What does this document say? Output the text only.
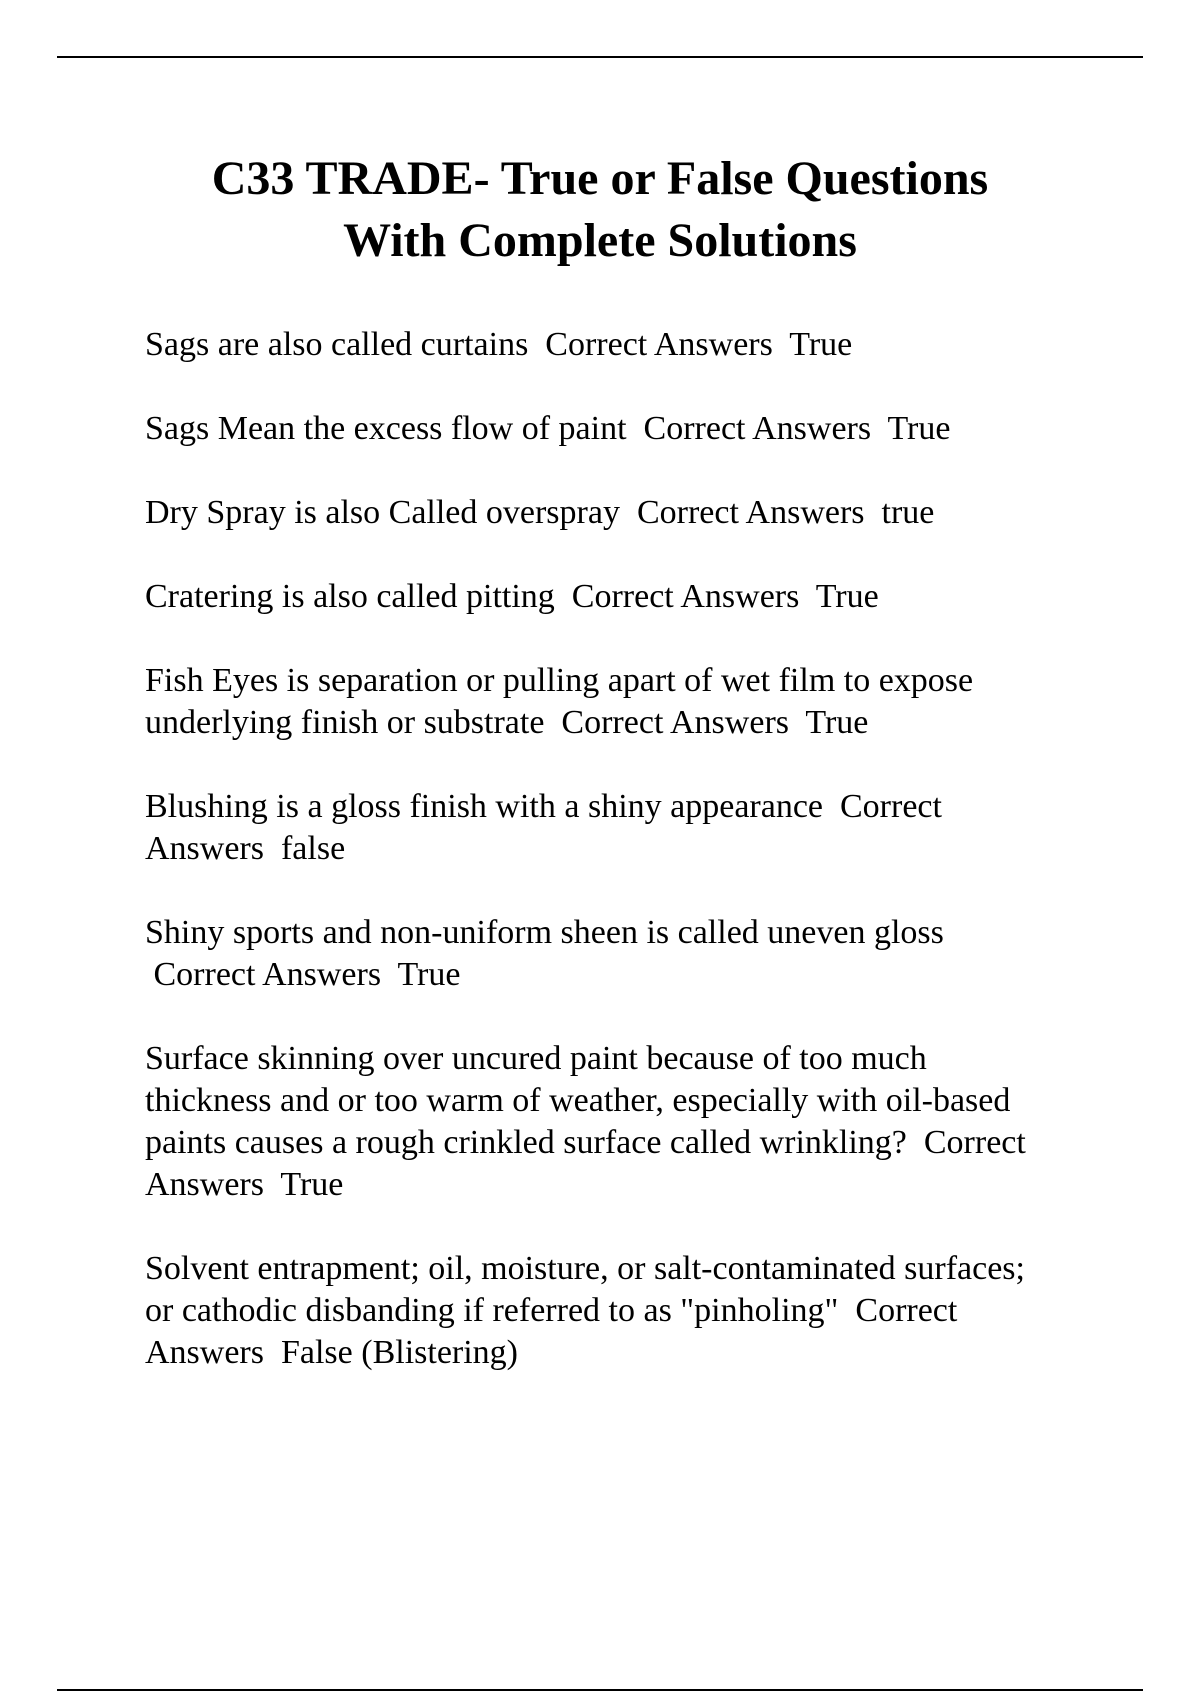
C33 TRADE- True or False Questions
With Complete Solutions
Sags are also called curtains  Correct Answers  True
Sags Mean the excess flow of paint  Correct Answers  True
Dry Spray is also Called overspray  Correct Answers  true
Cratering is also called pitting  Correct Answers  True
Fish Eyes is separation or pulling apart of wet film to expose
underlying finish or substrate  Correct Answers  True
Blushing is a gloss finish with a shiny appearance  Correct
Answers  false
Shiny sports and non-uniform sheen is called uneven gloss
Correct Answers  True
Surface skinning over uncured paint because of too much
thickness and or too warm of weather, especially with oil-based
paints causes a rough crinkled surface called wrinkling?  Correct
Answers  True
Solvent entrapment; oil, moisture, or salt-contaminated surfaces;
or cathodic disbanding if referred to as "pinholing"  Correct
Answers  False (Blistering)
